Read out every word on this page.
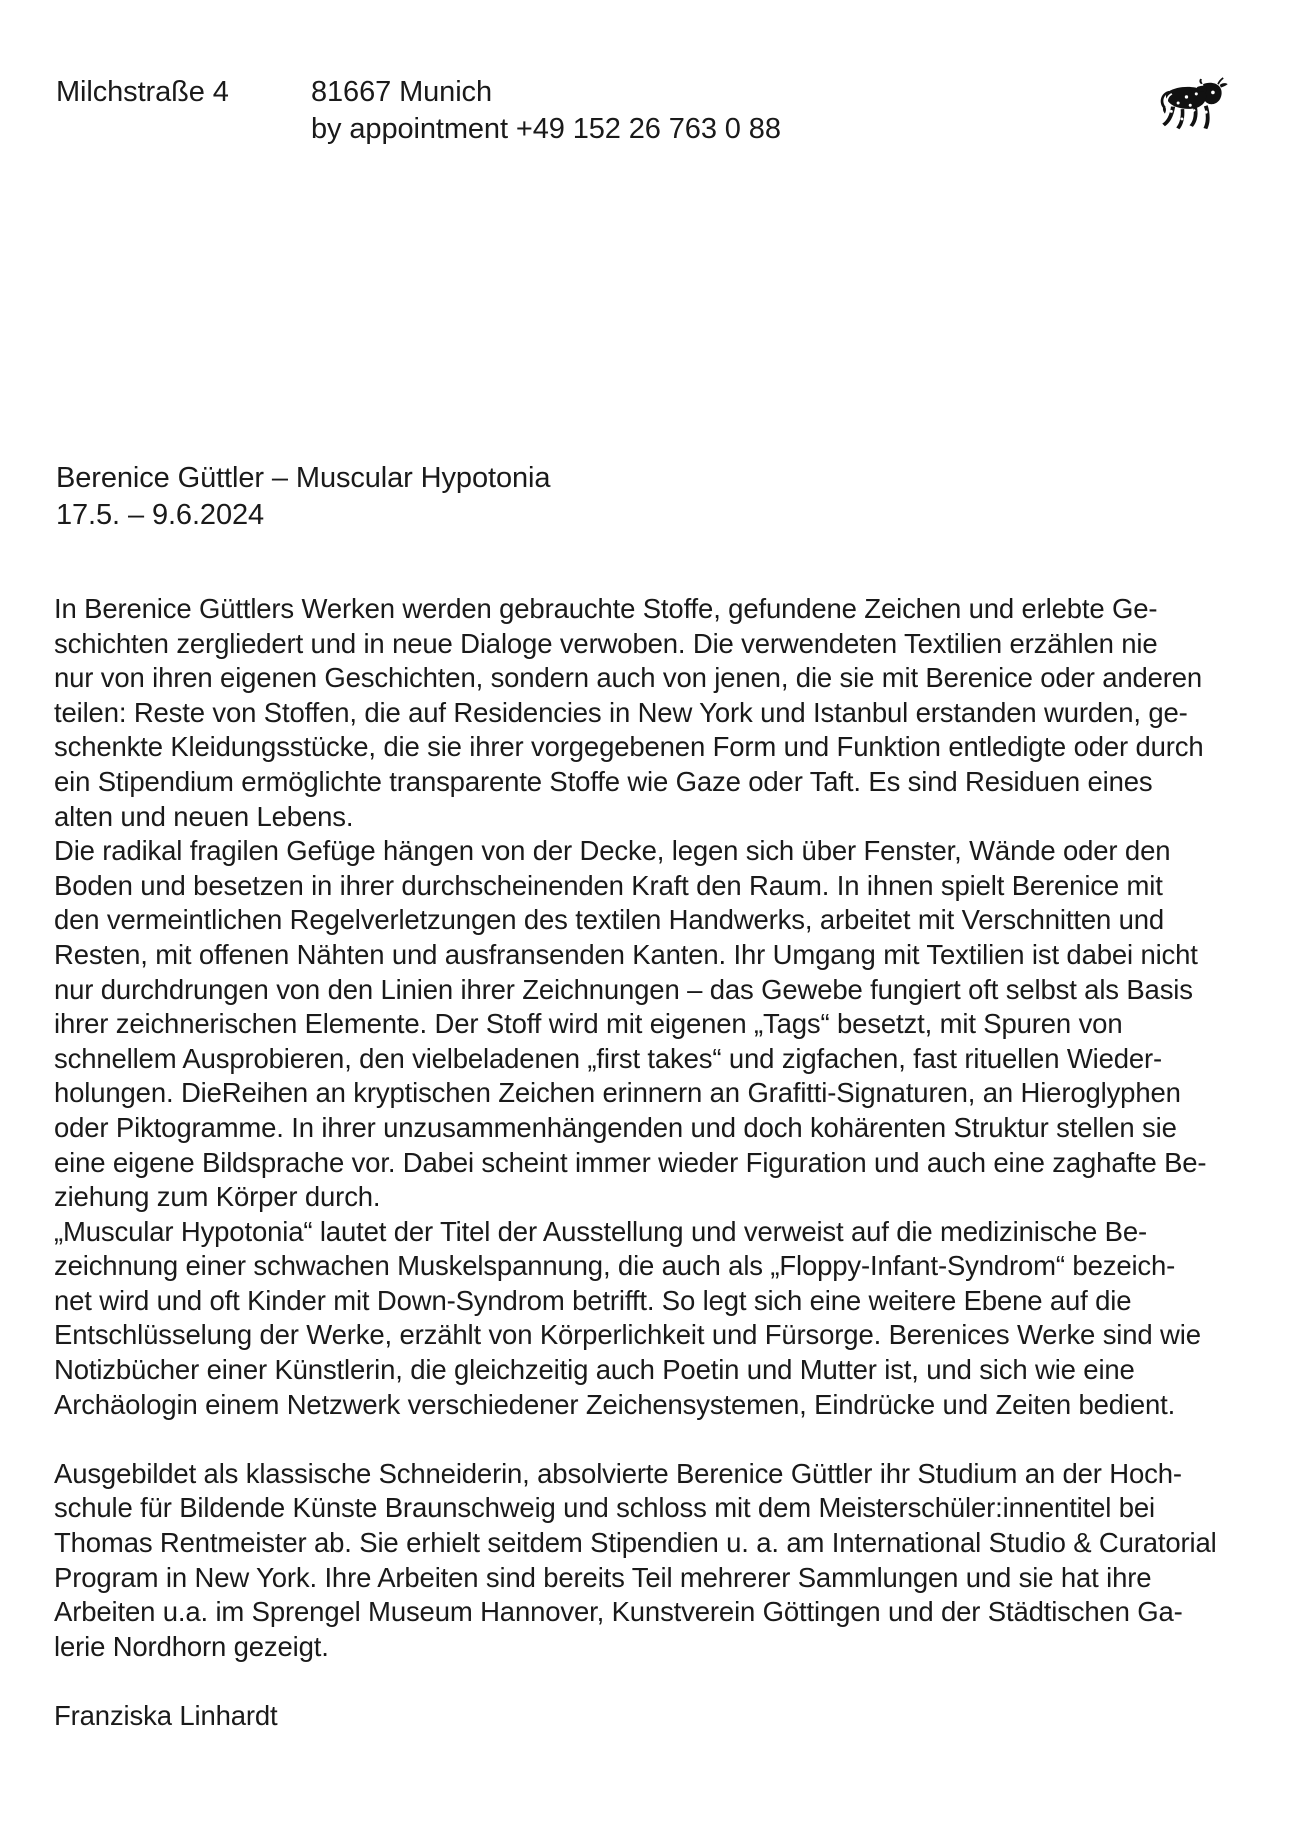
Milchstraße 4	81667 Munich
by appointment +49 152 26 763 0 88
Berenice Güttler – Muscular Hypotonia
17.5. – 9.6.2024

In Berenice Güttlers Werken werden gebrauchte Stoffe, gefundene Zeichen und erlebte Ge-
schichten zergliedert und in neue Dialoge verwoben. Die verwendeten Textilien erzählen nie
nur von ihren eigenen Geschichten, sondern auch von jenen, die sie mit Berenice oder anderen
teilen: Reste von Stoffen, die auf Residencies in New York und Istanbul erstanden wurden, ge-
schenkte Kleidungsstücke, die sie ihrer vorgegebenen Form und Funktion entledigte oder durch
ein Stipendium ermöglichte transparente Stoffe wie Gaze oder Taft. Es sind Residuen eines
alten und neuen Lebens.

Die radikal fragilen Gefüge hängen von der Decke, legen sich über Fenster, Wände oder den
Boden und besetzen in ihrer durchscheinenden Kraft den Raum. In ihnen spielt Berenice mit
den vermeintlichen Regelverletzungen des textilen Handwerks, arbeitet mit Verschnitten und
Resten, mit offenen Nähten und ausfransenden Kanten. Ihr Umgang mit Textilien ist dabei nicht
nur durchdrungen von den Linien ihrer Zeichnungen – das Gewebe fungiert oft selbst als Basis
ihrer zeichnerischen Elemente. Der Stoff wird mit eigenen „Tags“ besetzt, mit Spuren von
schnellem Ausprobieren, den vielbeladenen „first takes“ und zigfachen, fast rituellen Wieder-
holungen. DieReihen an kryptischen Zeichen erinnern an Grafitti-Signaturen, an Hieroglyphen
oder Piktogramme. In ihrer unzusammenhängenden und doch kohärenten Struktur stellen sie
eine eigene Bildsprache vor. Dabei scheint immer wieder Figuration und auch eine zaghafte Be-
ziehung zum Körper durch.

„Muscular Hypotonia“ lautet der Titel der Ausstellung und verweist auf die medizinische Be-
zeichnung einer schwachen Muskelspannung, die auch als „Floppy-Infant-Syndrom“ bezeich-
net wird und oft Kinder mit Down-Syndrom betrifft. So legt sich eine weitere Ebene auf die
Entschlüsselung der Werke, erzählt von Körperlichkeit und Fürsorge. Berenices Werke sind wie
Notizbücher einer Künstlerin, die gleichzeitig auch Poetin und Mutter ist, und sich wie eine
Archäologin einem Netzwerk verschiedener Zeichensystemen, Eindrücke und Zeiten bedient.

Ausgebildet als klassische Schneiderin, absolvierte Berenice Güttler ihr Studium an der Hoch-
schule für Bildende Künste Braunschweig und schloss mit dem Meisterschüler:innentitel bei
Thomas Rentmeister ab. Sie erhielt seitdem Stipendien u. a. am International Studio & Curatorial
Program in New York. Ihre Arbeiten sind bereits Teil mehrerer Sammlungen und sie hat ihre
Arbeiten u.a. im Sprengel Museum Hannover, Kunstverein Göttingen und der Städtischen Ga-
lerie Nordhorn gezeigt.

Franziska Linhardt
